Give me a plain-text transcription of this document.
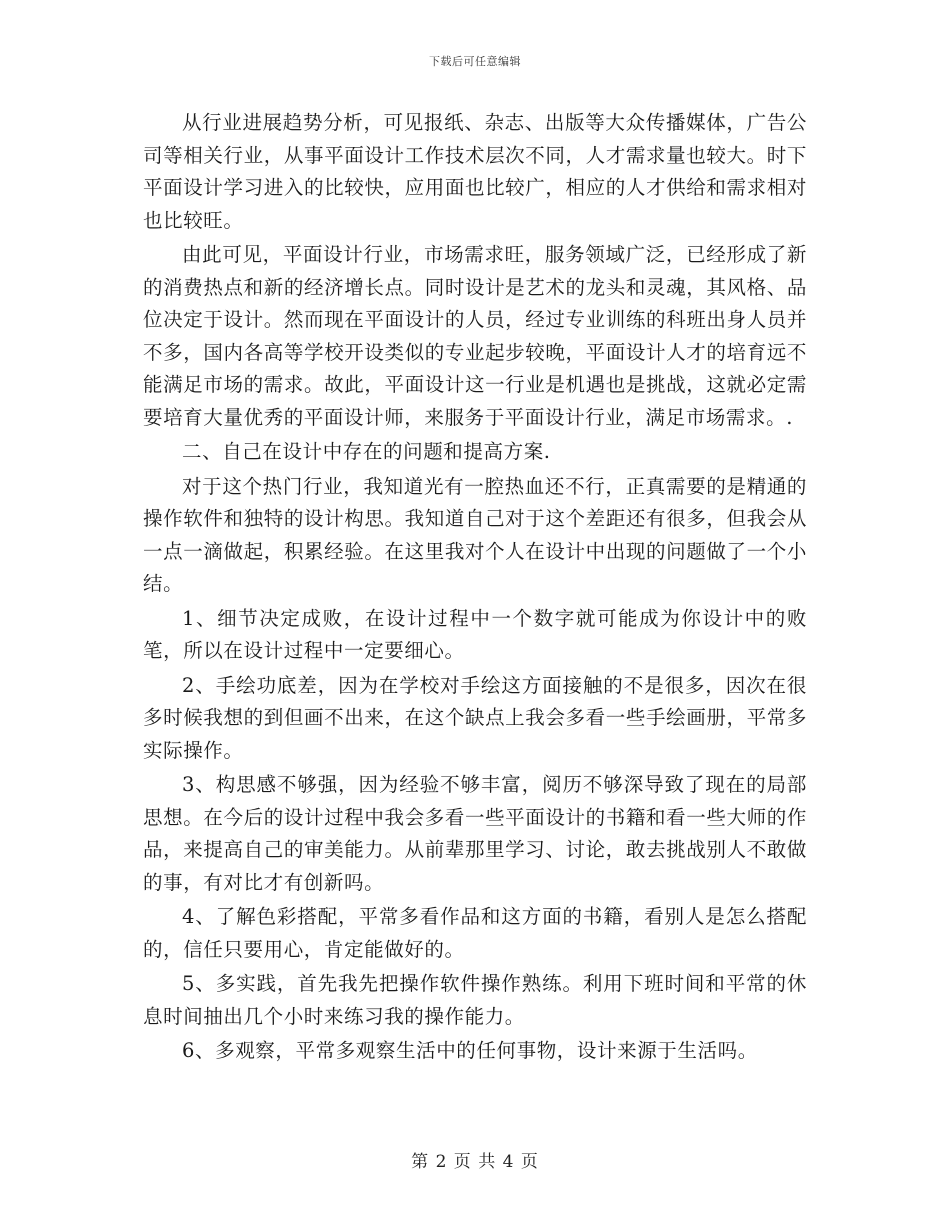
下载后可任意编辑

从行业进展趋势分析，可见报纸、杂志、出版等大众传播媒体，广告公司等相关行业，从事平面设计工作技术层次不同，人才需求量也较大。时下平面设计学习进入的比较快，应用面也比较广，相应的人才供给和需求相对也比较旺。

由此可见，平面设计行业，市场需求旺，服务领域广泛，已经形成了新的消费热点和新的经济增长点。同时设计是艺术的龙头和灵魂，其风格、品位决定于设计。然而现在平面设计的人员，经过专业训练的科班出身人员并不多，国内各高等学校开设类似的专业起步较晚，平面设计人才的培育远不能满足市场的需求。故此，平面设计这一行业是机遇也是挑战，这就必定需要培育大量优秀的平面设计师，来服务于平面设计行业，满足市场需求。.

二、自己在设计中存在的问题和提高方案.

对于这个热门行业，我知道光有一腔热血还不行，正真需要的是精通的操作软件和独特的设计构思。我知道自己对于这个差距还有很多，但我会从一点一滴做起，积累经验。在这里我对个人在设计中出现的问题做了一个小结。

1、细节决定成败，在设计过程中一个数字就可能成为你设计中的败笔，所以在设计过程中一定要细心。

2、手绘功底差，因为在学校对手绘这方面接触的不是很多，因次在很多时候我想的到但画不出来，在这个缺点上我会多看一些手绘画册，平常多实际操作。

3、构思感不够强，因为经验不够丰富，阅历不够深导致了现在的局部思想。在今后的设计过程中我会多看一些平面设计的书籍和看一些大师的作品，来提高自己的审美能力。从前辈那里学习、讨论，敢去挑战别人不敢做的事，有对比才有创新吗。

4、了解色彩搭配，平常多看作品和这方面的书籍，看别人是怎么搭配的，信任只要用心，肯定能做好的。

5、多实践，首先我先把操作软件操作熟练。利用下班时间和平常的休息时间抽出几个小时来练习我的操作能力。

6、多观察，平常多观察生活中的任何事物，设计来源于生活吗。

第 2 页 共 4 页
